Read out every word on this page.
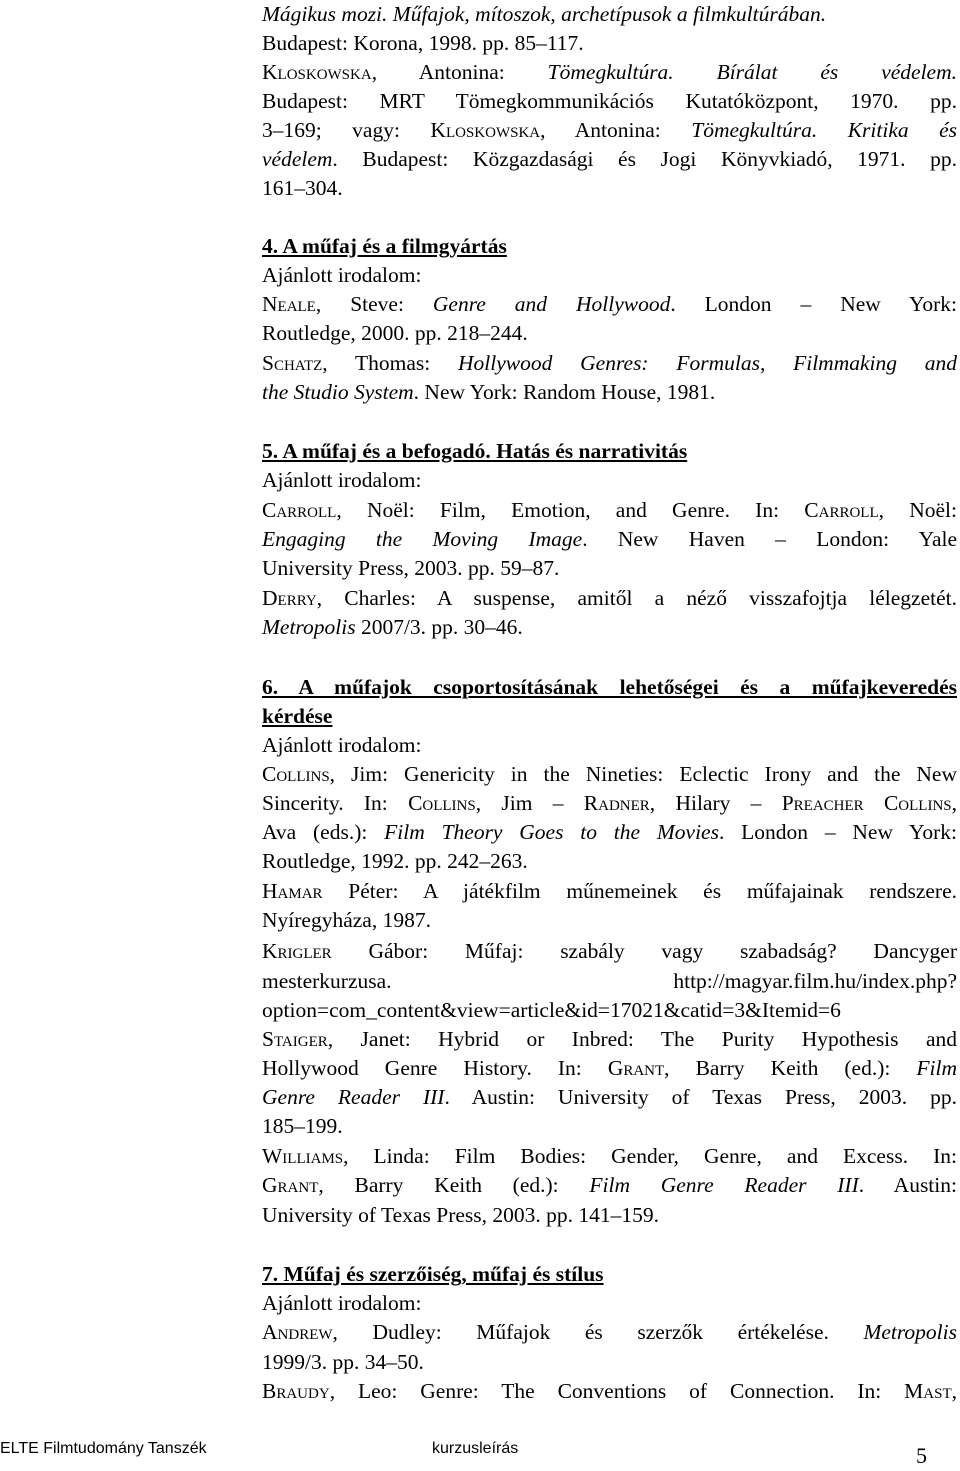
Mágikus mozi. Műfajok, mítoszok, archetípusok a filmkultúrában.
Budapest: Korona, 1998. pp. 85–117.
Kloskowska, Antonina: Tömegkultúra. Bírálat és védelem.
Budapest: MRT Tömegkommunikációs Kutatóközpont, 1970. pp.
3–169; vagy: Kloskowska, Antonina: Tömegkultúra. Kritika és
védelem. Budapest: Közgazdasági és Jogi Könyvkiadó, 1971. pp.
161–304.
4. A műfaj és a filmgyártás
Ajánlott irodalom:
Neale, Steve: Genre and Hollywood. London – New York:
Routledge, 2000. pp. 218–244.
Schatz, Thomas: Hollywood Genres: Formulas, Filmmaking and
the Studio System. New York: Random House, 1981.
5. A műfaj és a befogadó. Hatás és narrativitás
Ajánlott irodalom:
Carroll, Noël: Film, Emotion, and Genre. In: Carroll, Noël:
Engaging the Moving Image. New Haven – London: Yale
University Press, 2003. pp. 59–87.
Derry, Charles: A suspense, amitől a néző visszafojtja lélegzetét.
Metropolis 2007/3. pp. 30–46.
6. A műfajok csoportosításának lehetőségei és a műfajkeveredés
kérdése
Ajánlott irodalom:
Collins, Jim: Genericity in the Nineties: Eclectic Irony and the New
Sincerity. In: Collins, Jim – Radner, Hilary – Preacher Collins,
Ava (eds.): Film Theory Goes to the Movies. London – New York:
Routledge, 1992. pp. 242–263.
Hamar Péter: A játékfilm műnemeinek és műfajainak rendszere.
Nyíregyháza, 1987.
Krigler Gábor: Műfaj: szabály vagy szabadság? Dancyger
mesterkurzusa. http://magyar.film.hu/index.php?
option=com_content&view=article&id=17021&catid=3&Itemid=6
Staiger, Janet: Hybrid or Inbred: The Purity Hypothesis and
Hollywood Genre History. In: Grant, Barry Keith (ed.): Film
Genre Reader III. Austin: University of Texas Press, 2003. pp.
185–199.
Williams, Linda: Film Bodies: Gender, Genre, and Excess. In:
Grant, Barry Keith (ed.): Film Genre Reader III. Austin:
University of Texas Press, 2003. pp. 141–159.
7. Műfaj és szerzőiség, műfaj és stílus
Ajánlott irodalom:
Andrew, Dudley: Műfajok és szerzők értékelése. Metropolis
1999/3. pp. 34–50.
Braudy, Leo: Genre: The Conventions of Connection. In: Mast,
ELTE Filmtudomány Tanszék	kurzusleírás	5
